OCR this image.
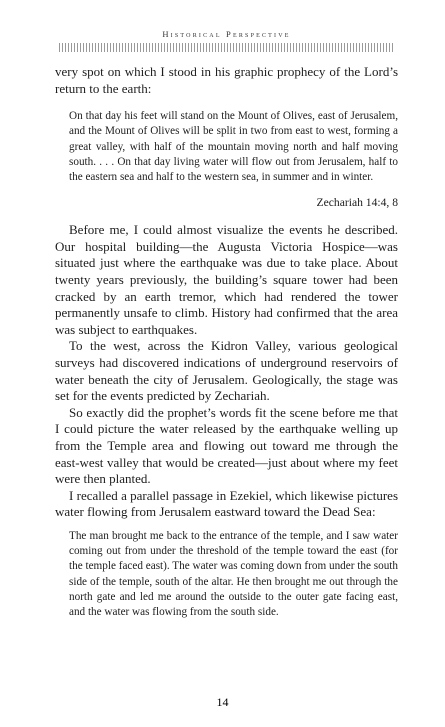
Historical Perspective

very spot on which I stood in his graphic prophecy of the Lord’s return to the earth:

On that day his feet will stand on the Mount of Olives, east of Jerusalem, and the Mount of Olives will be split in two from east to west, forming a great valley, with half of the mountain moving north and half moving south. . . . On that day living water will flow out from Jerusalem, half to the eastern sea and half to the western sea, in summer and in winter.

Zechariah 14:4, 8

Before me, I could almost visualize the events he described. Our hospital building—the Augusta Victoria Hospice—was situated just where the earthquake was due to take place. About twenty years previously, the building’s square tower had been cracked by an earth tremor, which had rendered the tower permanently unsafe to climb. History had confirmed that the area was subject to earthquakes.

To the west, across the Kidron Valley, various geological surveys had discovered indications of underground reservoirs of water beneath the city of Jerusalem. Geologically, the stage was set for the events predicted by Zechariah.

So exactly did the prophet’s words fit the scene before me that I could picture the water released by the earthquake welling up from the Temple area and flowing out toward me through the east-west valley that would be created—just about where my feet were then planted.

I recalled a parallel passage in Ezekiel, which likewise pictures water flowing from Jerusalem eastward toward the Dead Sea:

The man brought me back to the entrance of the temple, and I saw water coming out from under the threshold of the temple toward the east (for the temple faced east). The water was coming down from under the south side of the temple, south of the altar. He then brought me out through the north gate and led me around the outside to the outer gate facing east, and the water was flowing from the south side.

14
